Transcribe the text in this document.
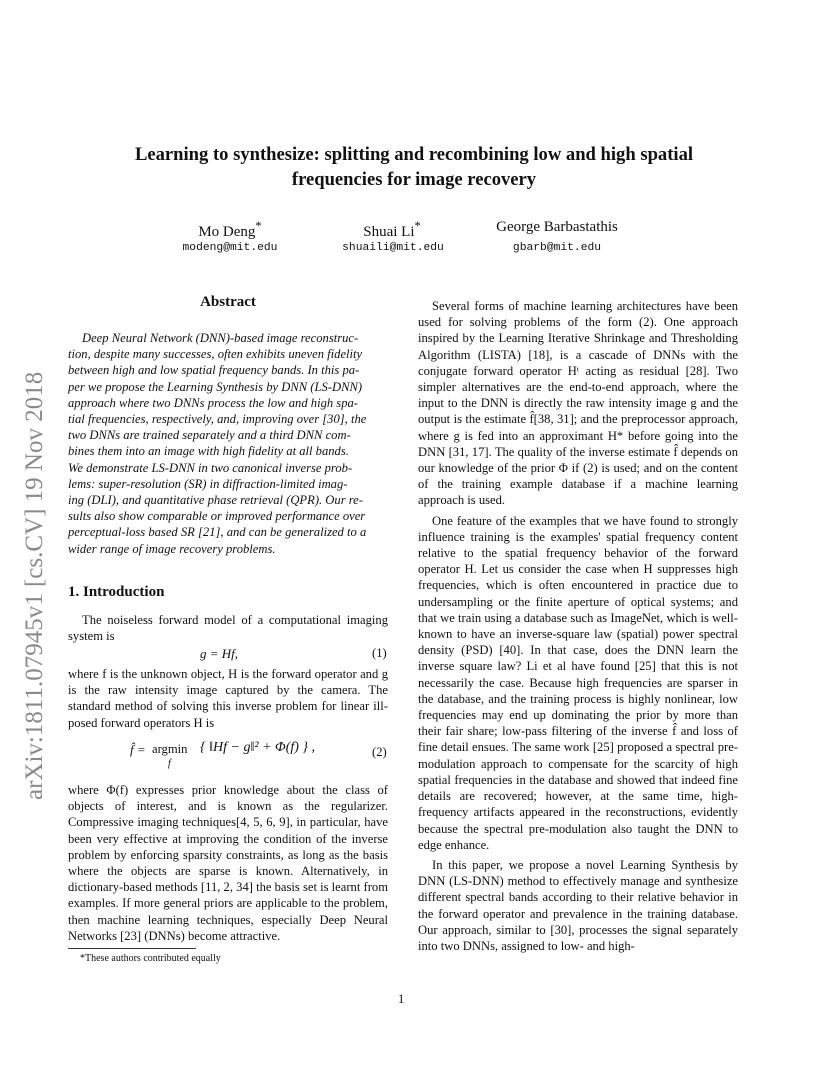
arXiv:1811.07945v1 [cs.CV] 19 Nov 2018
Learning to synthesize: splitting and recombining low and high spatial
frequencies for image recovery
Mo Deng*	Shuai Li*	George Barbastathis
modeng@mit.edu	shuaili@mit.edu	gbarb@mit.edu
Abstract
Deep Neural Network (DNN)-based image reconstruc-
tion, despite many successes, often exhibits uneven fidelity
between high and low spatial frequency bands. In this pa-
per we propose the Learning Synthesis by DNN (LS-DNN)
approach where two DNNs process the low and high spa-
tial frequencies, respectively, and, improving over [30], the
two DNNs are trained separately and a third DNN com-
bines them into an image with high fidelity at all bands.
We demonstrate LS-DNN in two canonical inverse prob-
lems: super-resolution (SR) in diffraction-limited imag-
ing (DLI), and quantitative phase retrieval (QPR). Our re-
sults also show comparable or improved performance over
perceptual-loss based SR [21], and can be generalized to a
wider range of image recovery problems.
1. Introduction

The noiseless forward model of a computational imaging system is

g = Hf,	(1)

where f is the unknown object, H is the forward operator and g is the raw intensity image captured by the camera. The standard method of solving this inverse problem for linear ill-posed forward operators H is

f̂ = argmin
f
{ ‖Hf − g‖² + Φ(f) } ,	(2)

where Φ(f) expresses prior knowledge about the class of objects of interest, and is known as the regularizer. Compressive imaging techniques[4, 5, 6, 9], in particular, have been very effective at improving the condition of the inverse problem by enforcing sparsity constraints, as long as the basis where the objects are sparse is known. Alternatively, in dictionary-based methods [11, 2, 34] the basis set is learnt from examples. If more general priors are applicable to the problem, then machine learning techniques, especially Deep Neural Networks [23] (DNNs) become attractive.

*These authors contributed equally

Several forms of machine learning architectures have been used for solving problems of the form (2). One approach inspired by the Learning Iterative Shrinkage and Thresholding Algorithm (LISTA) [18], is a cascade of DNNs with the conjugate forward operator Hᵗ acting as residual [28]. Two simpler alternatives are the end-to-end approach, where the input to the DNN is directly the raw intensity image g and the output is the estimate f̂[38, 31]; and the preprocessor approach, where g is fed into an approximant H* before going into the DNN [31, 17]. The quality of the inverse estimate f̂ depends on our knowledge of the prior Φ if (2) is used; and on the content of the training example database if a machine learning approach is used.

One feature of the examples that we have found to strongly influence training is the examples' spatial frequency content relative to the spatial frequency behavior of the forward operator H. Let us consider the case when H suppresses high frequencies, which is often encountered in practice due to undersampling or the finite aperture of optical systems; and that we train using a database such as ImageNet, which is well-known to have an inverse-square law (spatial) power spectral density (PSD) [40]. In that case, does the DNN learn the inverse square law? Li et al have found [25] that this is not necessarily the case. Because high frequencies are sparser in the database, and the training process is highly nonlinear, low frequencies may end up dominating the prior by more than their fair share; low-pass filtering of the inverse f̂ and loss of fine detail ensues. The same work [25] proposed a spectral pre-modulation approach to compensate for the scarcity of high spatial frequencies in the database and showed that indeed fine details are recovered; however, at the same time, high-frequency artifacts appeared in the reconstructions, evidently because the spectral pre-modulation also taught the DNN to edge enhance.

In this paper, we propose a novel Learning Synthesis by DNN (LS-DNN) method to effectively manage and synthesize different spectral bands according to their relative behavior in the forward operator and prevalence in the training database. Our approach, similar to [30], processes the signal separately into two DNNs, assigned to low- and high-

1
